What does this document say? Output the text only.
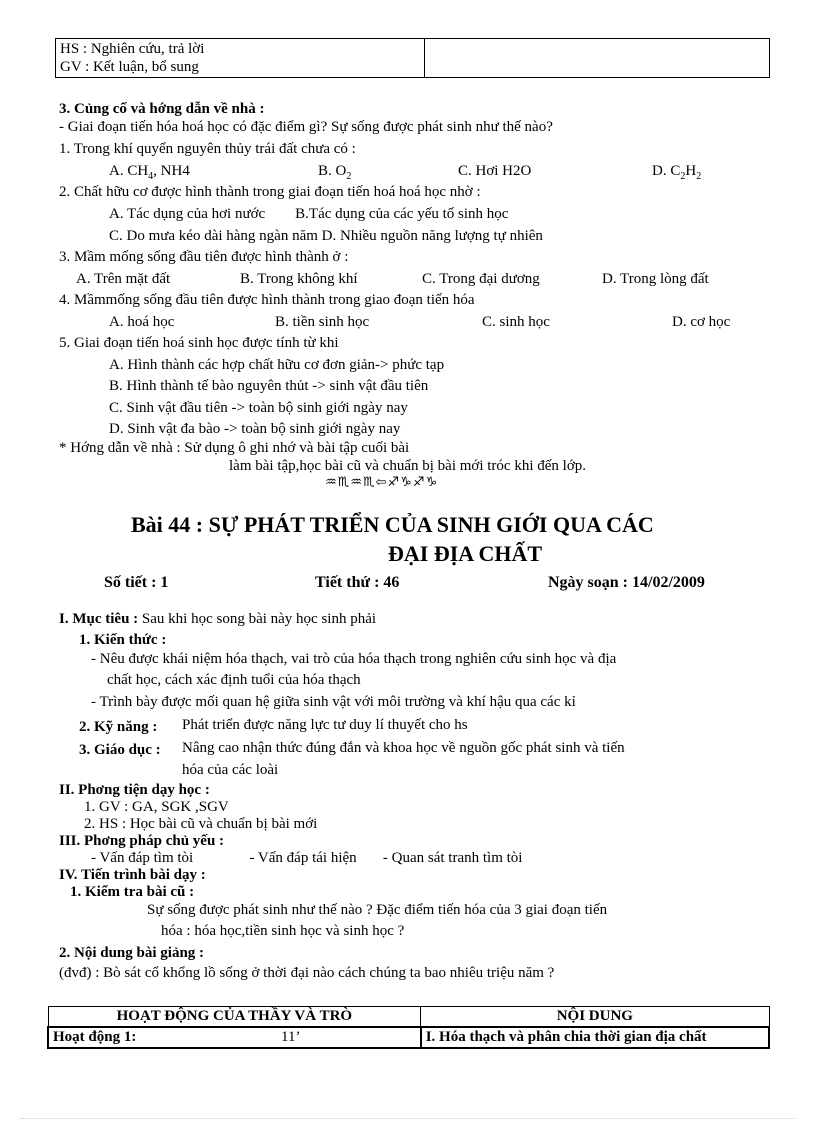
HS : Nghiên cứu, trả lời
GV : Kết luận, bổ sung

3. Củng cố và hớng dẫn về nhà :
- Giai đoạn tiến hóa hoá học có đặc điểm gì? Sự sống được phát sinh như thế nào?
1. Trong khí quyển nguyên thủy trái đất chưa có :
A. $CH_4$, NH4	B. $O_2$	C. Hơi H2O	D. $C_2H_2$
2. Chất hữu cơ được hình thành trong giai đoạn tiến hoá hoá học nhờ :
A. Tác dụng của hơi nước        B.Tác dụng của các yếu tố sinh học
C. Do mưa kéo dài hàng ngàn năm D. Nhiều nguồn năng lượng tự nhiên
3. Mầm mống sống đầu tiên được hình thành ở :
A. Trên mặt đất	B. Trong không khí	C. Trong đại dương	D. Trong lòng đất
4. Mầmmống sống đầu tiên được hình thành trong giao đoạn tiến hóa
A. hoá học	B. tiền sinh học	C. sinh học	D. cơ học
5. Giai đoạn tiến hoá sinh học được tính từ khi
A. Hình thành các hợp chất hữu cơ đơn giản-> phức tạp
B. Hình thành tế bào nguyên thủt -> sinh vật đầu tiên
C. Sinh vật đầu tiên -> toàn bộ sinh giới ngày nay
D. Sinh vật đa bào -> toàn bộ sinh giới ngày nay
* Hớng dẫn về nhà : Sử dụng ô ghi nhớ và bài tập cuối bài
làm bài tập,học bài cũ và chuẩn bị bài mới tróc khi đến lớp.
♒♏♒♏⇦♐♑♐♑
Bài 44 : SỰ PHÁT TRIỂN CỦA SINH GIỚI QUA CÁC
ĐẠI ĐỊA CHẤT
Số tiết : 1	Tiết thứ : 46	Ngày soạn : 14/02/2009
I. Mục tiêu : Sau khi học song bài này học sinh phải
1. Kiến thức :
- Nêu được khái niệm hóa thạch, vai trò của hóa thạch trong nghiên cứu sinh học và địa
chất học, cách xác định tuổi của hóa thạch
- Trình bày được mối quan hệ giữa sinh vật với môi trường và khí hậu qua các kỉ
2. Kỹ năng : Phát triển được năng lực tư duy lí thuyết cho hs
3. Giáo dục : Nâng cao nhận thức đúng đắn và khoa học về nguồn gốc phát sinh và tiến
hóa của các loài
II. Phơng tiện dạy học :
1. GV : GA, SGK ,SGV
2. HS : Học bài cũ và chuẩn bị bài mới
III. Phơng pháp chủ yếu :
- Vấn đáp tìm tòi               - Vấn đáp tái hiện       - Quan sát tranh tìm tòi
IV. Tiến trình bài dạy :
1. Kiểm tra bài cũ :
Sự sống được phát sinh như thế nào ? Đặc điểm tiến hóa của 3 giai đoạn tiến
hóa : hóa học,tiền sinh học và sinh học ?
2. Nội dung bài giảng :
(đvđ) : Bò sát cổ khổng lồ sống ở thời đại nào cách chúng ta bao nhiêu triệu năm ?
HOẠT ĐỘNG CỦA THẦY VÀ TRÒ		NỘI DUNG
Hoạt động 1:	11’	I. Hóa thạch và phân chia thời gian địa chất
